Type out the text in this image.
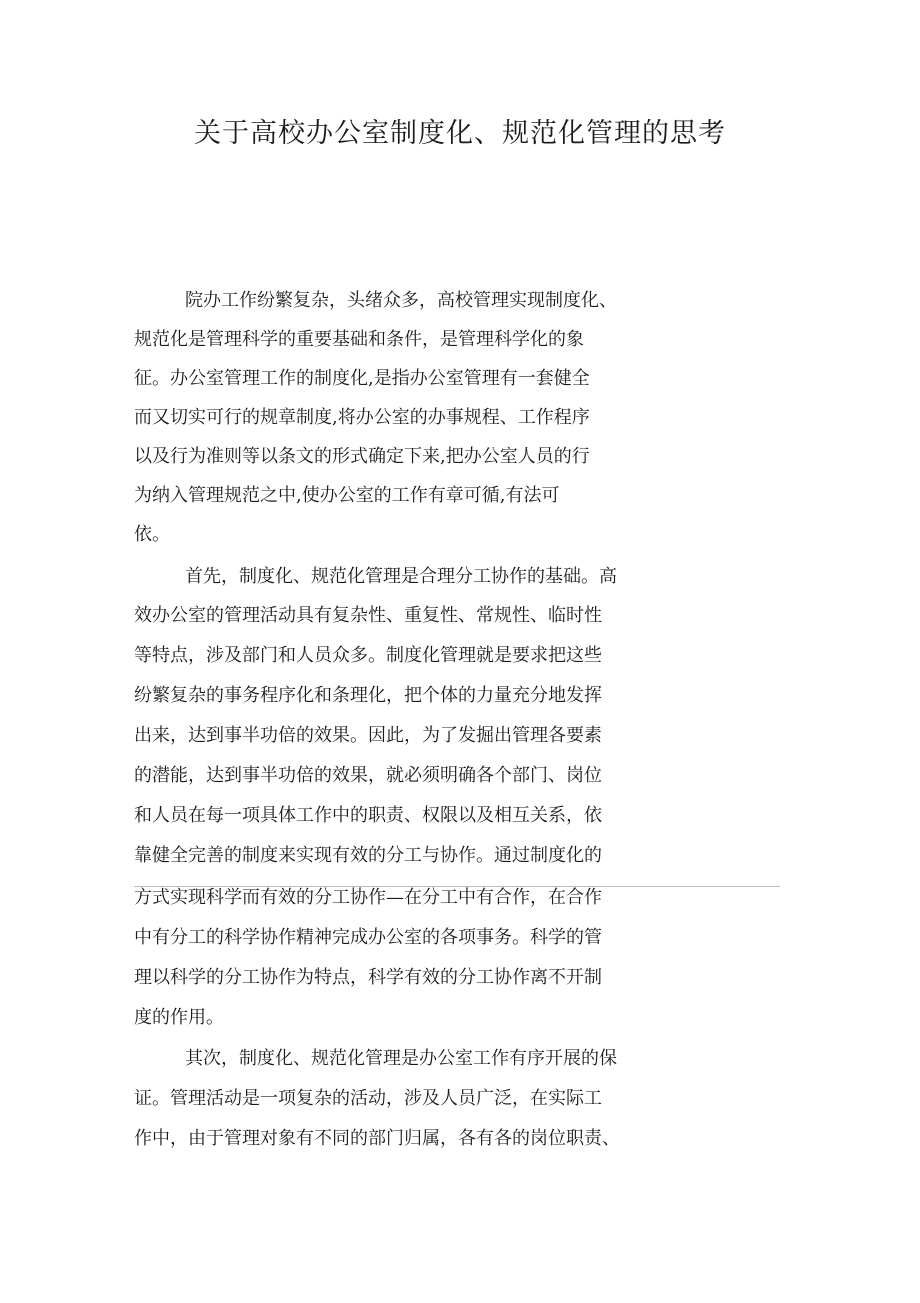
关于高校办公室制度化、规范化管理的思考
院办工作纷繁复杂，头绪众多，高校管理实现制度化、
规范化是管理科学的重要基础和条件，是管理科学化的象
征。办公室管理工作的制度化,是指办公室管理有一套健全
而又切实可行的规章制度,将办公室的办事规程、工作程序
以及行为准则等以条文的形式确定下来,把办公室人员的行
为纳入管理规范之中,使办公室的工作有章可循,有法可
依。
首先，制度化、规范化管理是合理分工协作的基础。高
效办公室的管理活动具有复杂性、重复性、常规性、临时性
等特点，涉及部门和人员众多。制度化管理就是要求把这些
纷繁复杂的事务程序化和条理化，把个体的力量充分地发挥
出来，达到事半功倍的效果。因此，为了发掘出管理各要素
的潜能，达到事半功倍的效果，就必须明确各个部门、岗位
和人员在每一项具体工作中的职责、权限以及相互关系，依
靠健全完善的制度来实现有效的分工与协作。通过制度化的
方式实现科学而有效的分工协作—在分工中有合作，在合作
中有分工的科学协作精神完成办公室的各项事务。科学的管
理以科学的分工协作为特点，科学有效的分工协作离不开制
度的作用。
其次，制度化、规范化管理是办公室工作有序开展的保
证。管理活动是一项复杂的活动，涉及人员广泛，在实际工
作中，由于管理对象有不同的部门归属，各有各的岗位职责、
